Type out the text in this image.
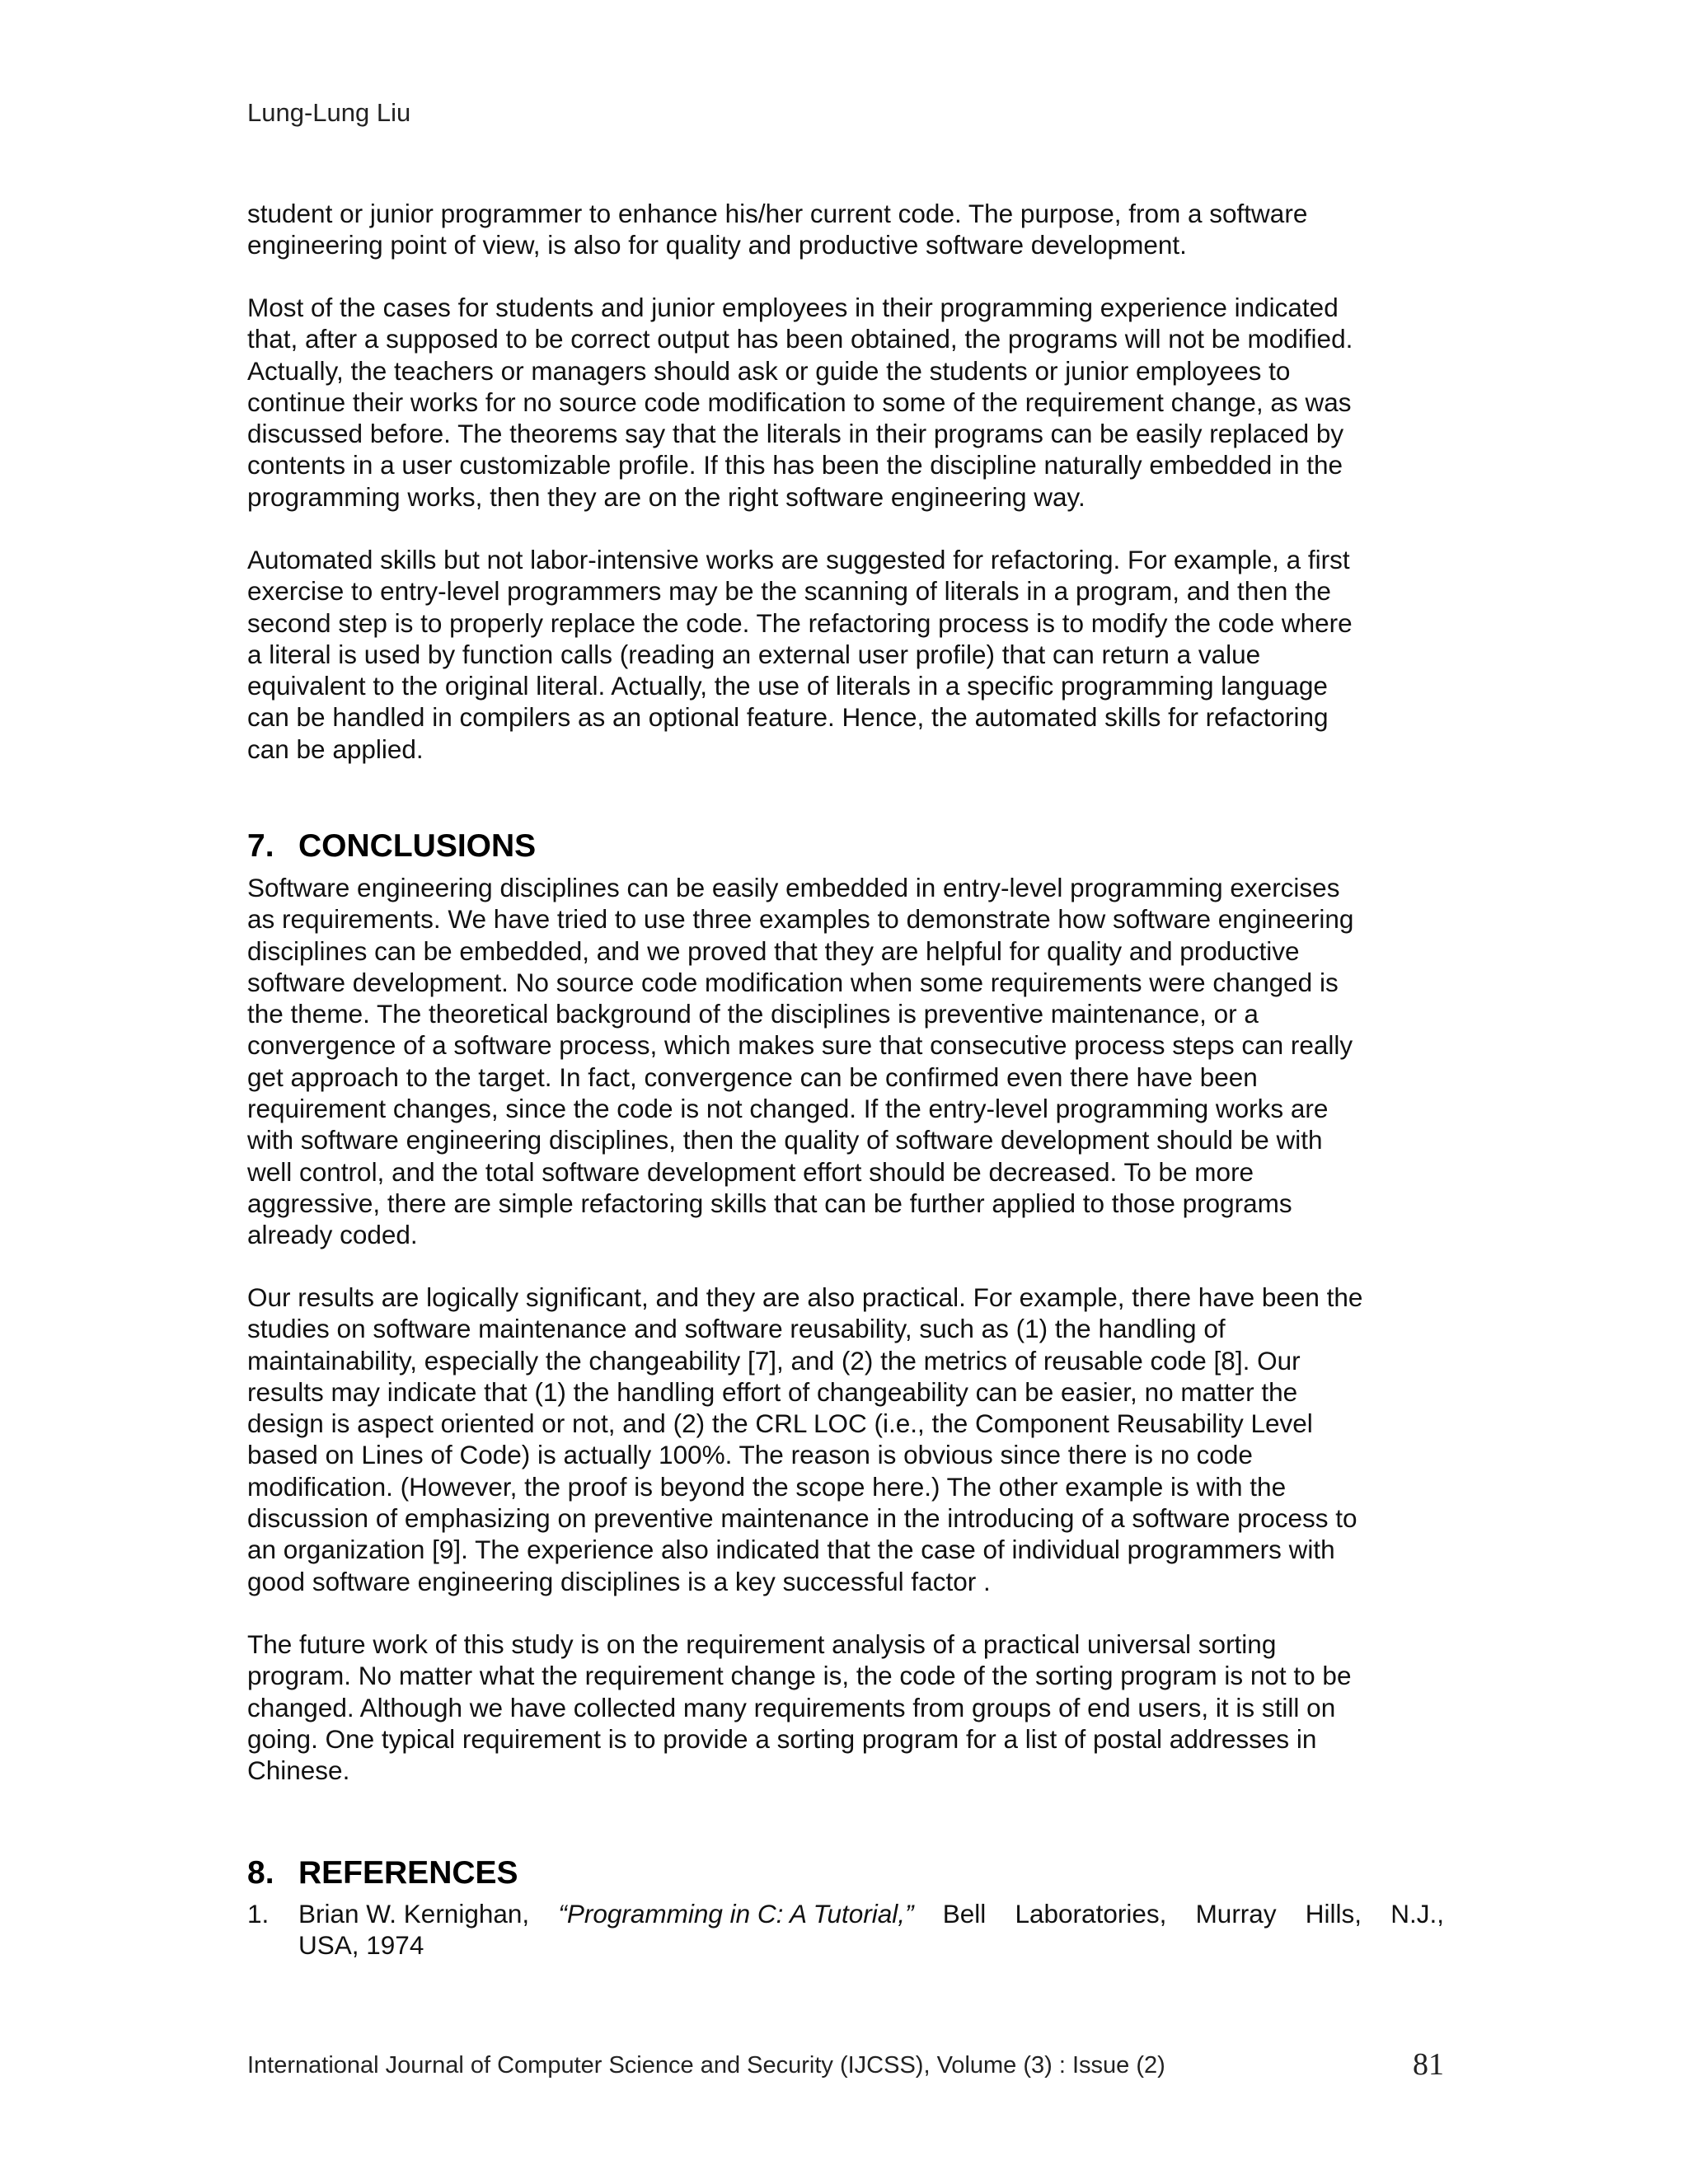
Lung-Lung Liu
student or junior programmer to enhance his/her current code. The purpose, from a software
engineering point of view, is also for quality and productive software development.
Most of the cases for students and junior employees in their programming experience indicated
that, after a supposed to be correct output has been obtained, the programs will not be modified.
Actually, the teachers or managers should ask or guide the students or junior employees to
continue their works for no source code modification to some of the requirement change, as was
discussed before. The theorems say that the literals in their programs can be easily replaced by
contents in a user customizable profile. If this has been the discipline naturally embedded in the
programming works, then they are on the right software engineering way.
Automated skills but not labor-intensive works are suggested for refactoring. For example, a first
exercise to entry-level programmers may be the scanning of literals in a program, and then the
second step is to properly replace the code. The refactoring process is to modify the code where
a literal is used by function calls (reading an external user profile) that can return a value
equivalent to the original literal. Actually, the use of literals in a specific programming language
can be handled in compilers as an optional feature. Hence, the automated skills for refactoring
can be applied.
7. CONCLUSIONS
Software engineering disciplines can be easily embedded in entry-level programming exercises
as requirements. We have tried to use three examples to demonstrate how software engineering
disciplines can be embedded, and we proved that they are helpful for quality and productive
software development. No source code modification when some requirements were changed is
the theme. The theoretical background of the disciplines is preventive maintenance, or a
convergence of a software process, which makes sure that consecutive process steps can really
get approach to the target. In fact, convergence can be confirmed even there have been
requirement changes, since the code is not changed. If the entry-level programming works are
with software engineering disciplines, then the quality of software development should be with
well control, and the total software development effort should be decreased. To be more
aggressive, there are simple refactoring skills that can be further applied to those programs
already coded.
Our results are logically significant, and they are also practical. For example, there have been the
studies on software maintenance and software reusability, such as (1) the handling of
maintainability, especially the changeability [7], and (2) the metrics of reusable code [8]. Our
results may indicate that (1) the handling effort of changeability can be easier, no matter the
design is aspect oriented or not, and (2) the CRL LOC (i.e., the Component Reusability Level
based on Lines of Code) is actually 100%. The reason is obvious since there is no code
modification. (However, the proof is beyond the scope here.) The other example is with the
discussion of emphasizing on preventive maintenance in the introducing of a software process to
an organization [9]. The experience also indicated that the case of individual programmers with
good software engineering disciplines is a key successful factor .
The future work of this study is on the requirement analysis of a practical universal sorting
program. No matter what the requirement change is, the code of the sorting program is not to be
changed. Although we have collected many requirements from groups of end users, it is still on
going. One typical requirement is to provide a sorting program for a list of postal addresses in
Chinese.
8. REFERENCES
1. Brian W. Kernighan, “Programming in C: A Tutorial,” Bell Laboratories, Murray Hills, N.J.,
USA, 1974
International Journal of Computer Science and Security (IJCSS), Volume (3) : Issue (2)	81
